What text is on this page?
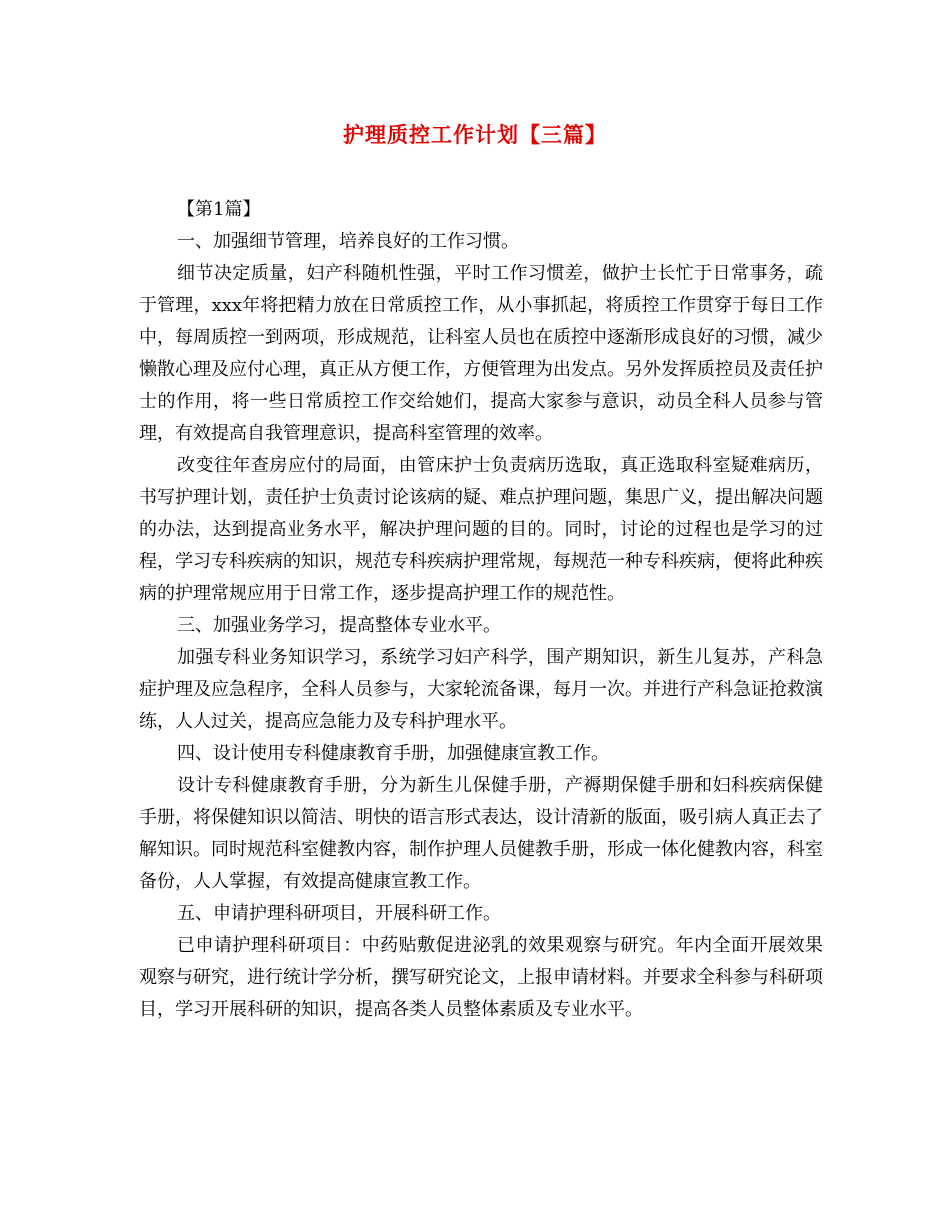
护理质控工作计划【三篇】

【第1篇】

一、加强细节管理，培养良好的工作习惯。

细节决定质量，妇产科随机性强，平时工作习惯差，做护士长忙于日常事务，疏于管理，xxx年将把精力放在日常质控工作，从小事抓起，将质控工作贯穿于每日工作中，每周质控一到两项，形成规范，让科室人员也在质控中逐渐形成良好的习惯，减少懒散心理及应付心理，真正从方便工作，方便管理为出发点。另外发挥质控员及责任护士的作用，将一些日常质控工作交给她们，提高大家参与意识，动员全科人员参与管理，有效提高自我管理意识，提高科室管理的效率。

改变往年查房应付的局面，由管床护士负责病历选取，真正选取科室疑难病历，书写护理计划，责任护士负责讨论该病的疑、难点护理问题，集思广义，提出解决问题的办法，达到提高业务水平，解决护理问题的目的。同时，讨论的过程也是学习的过程，学习专科疾病的知识，规范专科疾病护理常规，每规范一种专科疾病，便将此种疾病的护理常规应用于日常工作，逐步提高护理工作的规范性。

三、加强业务学习，提高整体专业水平。

加强专科业务知识学习，系统学习妇产科学，围产期知识，新生儿复苏，产科急症护理及应急程序，全科人员参与，大家轮流备课，每月一次。并进行产科急证抢救演练，人人过关，提高应急能力及专科护理水平。

四、设计使用专科健康教育手册，加强健康宣教工作。

设计专科健康教育手册，分为新生儿保健手册，产褥期保健手册和妇科疾病保健手册，将保健知识以简洁、明快的语言形式表达，设计清新的版面，吸引病人真正去了解知识。同时规范科室健教内容，制作护理人员健教手册，形成一体化健教内容，科室备份，人人掌握，有效提高健康宣教工作。

五、申请护理科研项目，开展科研工作。

已申请护理科研项目：中药贴敷促进泌乳的效果观察与研究。年内全面开展效果观察与研究，进行统计学分析，撰写研究论文，上报申请材料。并要求全科参与科研项目，学习开展科研的知识，提高各类人员整体素质及专业水平。
